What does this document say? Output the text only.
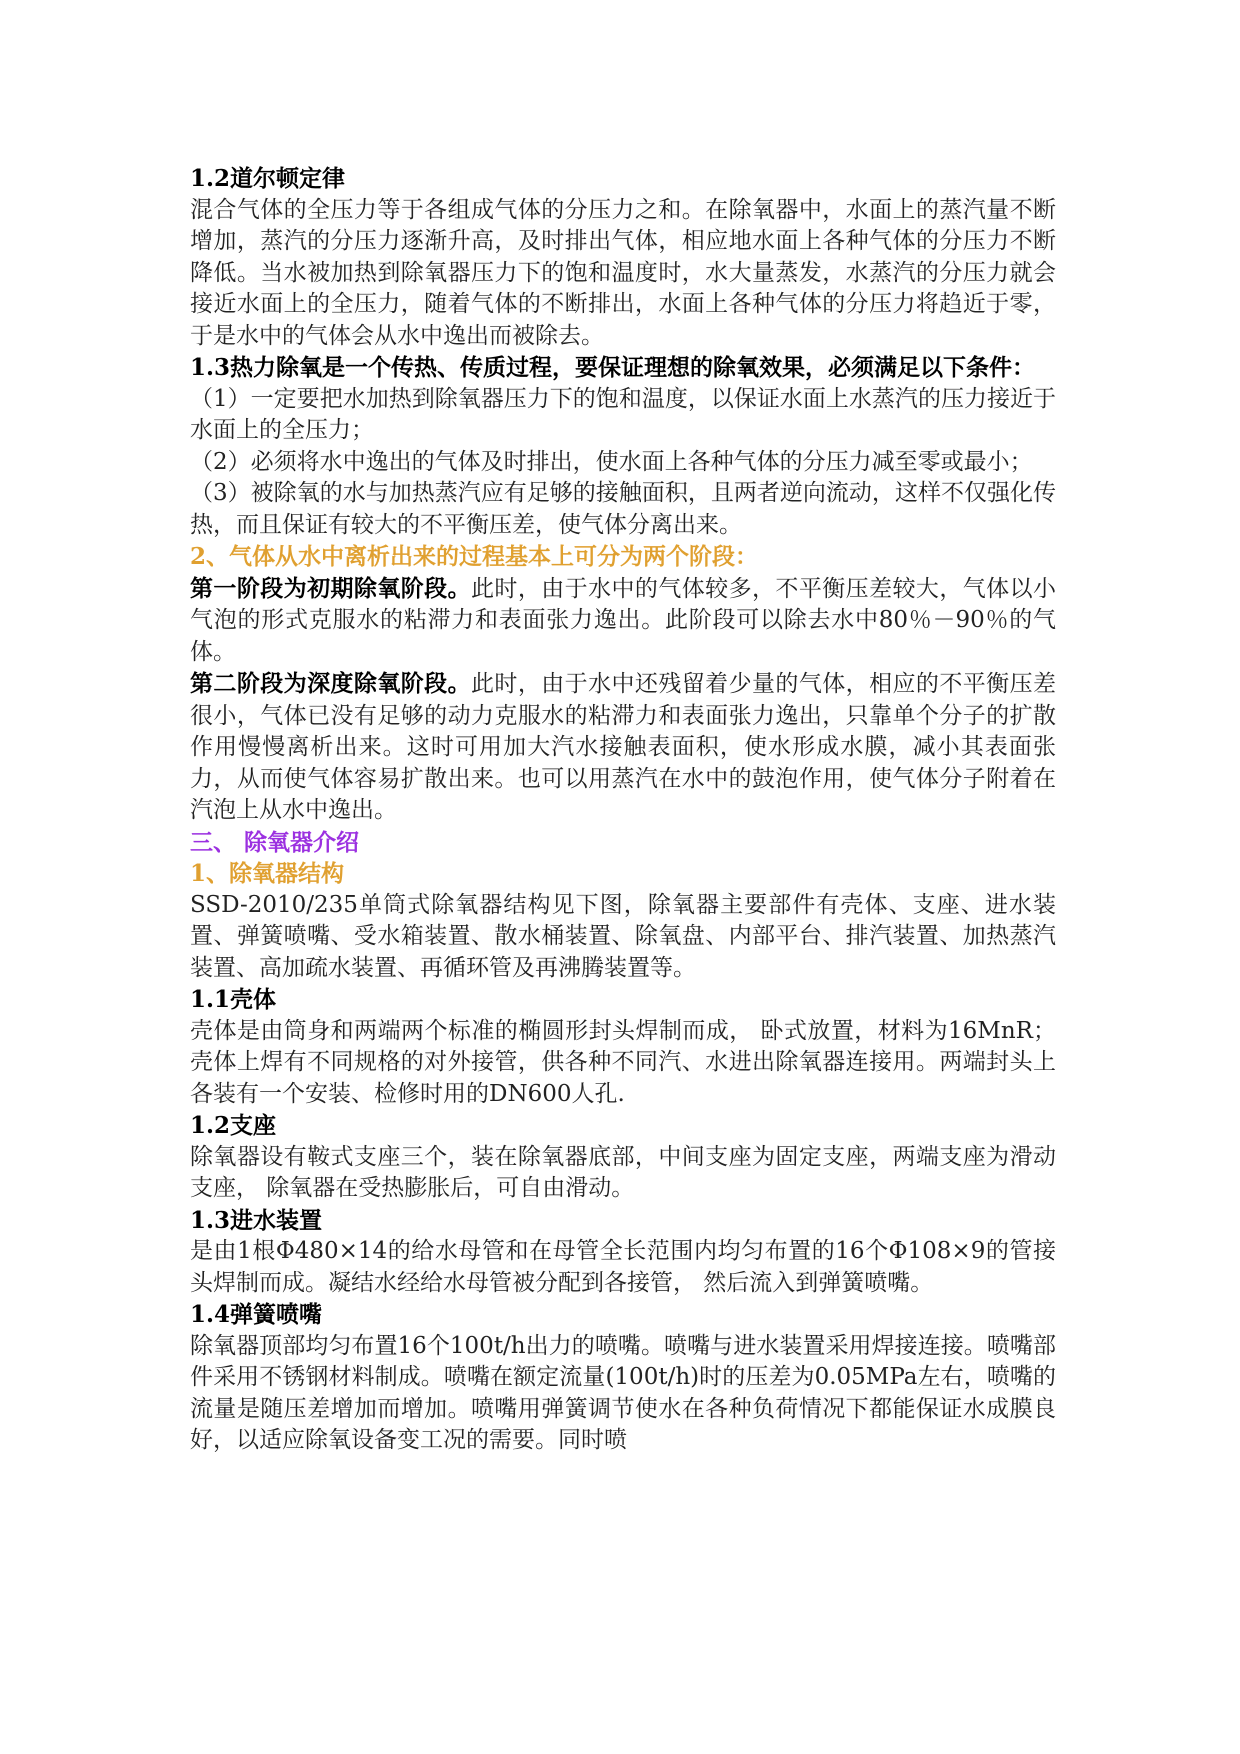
1.2道尔顿定律

混合气体的全压力等于各组成气体的分压力之和。在除氧器中，水面上的蒸汽量不断增加，蒸汽的分压力逐渐升高，及时排出气体，相应地水面上各种气体的分压力不断降低。当水被加热到除氧器压力下的饱和温度时，水大量蒸发，水蒸汽的分压力就会接近水面上的全压力，随着气体的不断排出，水面上各种气体的分压力将趋近于零，于是水中的气体会从水中逸出而被除去。

1.3热力除氧是一个传热、传质过程，要保证理想的除氧效果，必须满足以下条件：

（1）一定要把水加热到除氧器压力下的饱和温度，以保证水面上水蒸汽的压力接近于水面上的全压力；

（2）必须将水中逸出的气体及时排出，使水面上各种气体的分压力减至零或最小；

（3）被除氧的水与加热蒸汽应有足够的接触面积，且两者逆向流动，这样不仅强化传热，而且保证有较大的不平衡压差，使气体分离出来。

2、气体从水中离析出来的过程基本上可分为两个阶段：

第一阶段为初期除氧阶段。此时，由于水中的气体较多，不平衡压差较大，气体以小气泡的形式克服水的粘滞力和表面张力逸出。此阶段可以除去水中80％－90％的气体。

第二阶段为深度除氧阶段。此时，由于水中还残留着少量的气体，相应的不平衡压差很小，气体已没有足够的动力克服水的粘滞力和表面张力逸出，只靠单个分子的扩散作用慢慢离析出来。这时可用加大汽水接触表面积，使水形成水膜，减小其表面张力，从而使气体容易扩散出来。也可以用蒸汽在水中的鼓泡作用，使气体分子附着在汽泡上从水中逸出。

三、 除氧器介绍

1、除氧器结构

SSD-2010/235单筒式除氧器结构见下图，除氧器主要部件有壳体、支座、进水装置、弹簧喷嘴、受水箱装置、散水桶装置、除氧盘、内部平台、排汽装置、加热蒸汽装置、高加疏水装置、再循环管及再沸腾装置等。

1.1壳体

壳体是由筒身和两端两个标准的椭圆形封头焊制而成， 卧式放置，材料为16MnR；壳体上焊有不同规格的对外接管，供各种不同汽、水进出除氧器连接用。两端封头上各装有一个安装、检修时用的DN600人孔.

1.2支座

除氧器设有鞍式支座三个，装在除氧器底部，中间支座为固定支座，两端支座为滑动支座， 除氧器在受热膨胀后，可自由滑动。

1.3进水装置

是由1根Φ480×14的给水母管和在母管全长范围内均匀布置的16个Φ108×9的管接头焊制而成。凝结水经给水母管被分配到各接管， 然后流入到弹簧喷嘴。

1.4弹簧喷嘴

除氧器顶部均匀布置16个100t/h出力的喷嘴。喷嘴与进水装置采用焊接连接。喷嘴部件采用不锈钢材料制成。喷嘴在额定流量(100t/h)时的压差为0.05MPa左右，喷嘴的流量是随压差增加而增加。喷嘴用弹簧调节使水在各种负荷情况下都能保证水成膜良好，以适应除氧设备变工况的需要。同时喷
